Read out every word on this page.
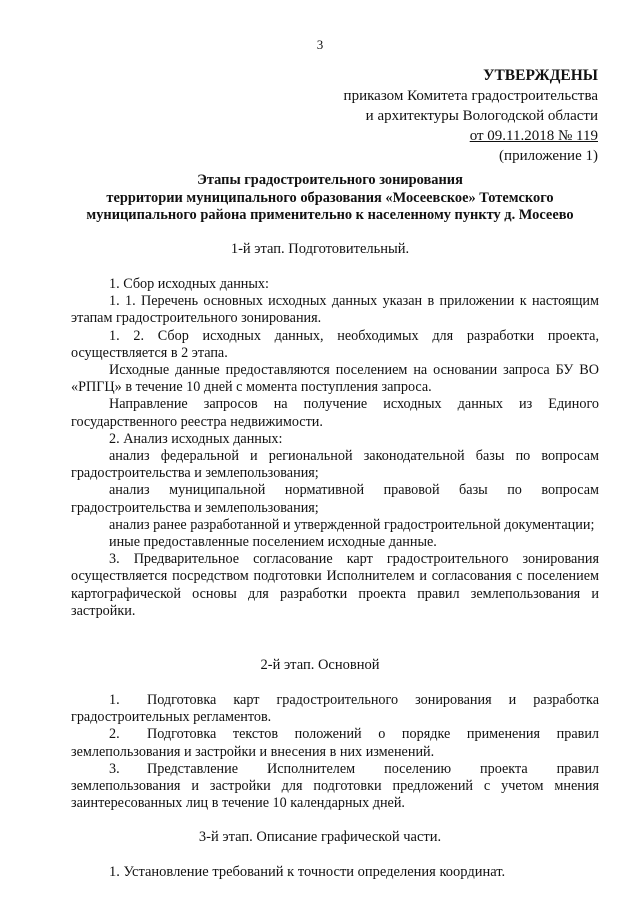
3
УТВЕРЖДЕНЫ
приказом Комитета градостроительства
и архитектуры Вологодской области
от 09.11.2018 № 119
(приложение 1)
Этапы градостроительного зонирования
территории муниципального образования «Мосеевское» Тотемского
муниципального района применительно к населенному пункту д. Мосеево
1-й этап. Подготовительный.

1. Сбор исходных данных:

1. 1. Перечень основных исходных данных указан в приложении к настоящим этапам градостроительного зонирования.

1. 2. Сбор исходных данных, необходимых для разработки проекта, осуществляется в 2 этапа.

Исходные данные предоставляются поселением на основании запроса БУ ВО «РПГЦ» в течение 10 дней с момента поступления запроса.

Направление запросов на получение исходных данных из Единого государственного реестра недвижимости.

2. Анализ исходных данных:

анализ федеральной и региональной законодательной базы по вопросам градостроительства и землепользования;

анализ муниципальной нормативной правовой базы по вопросам градостроительства и землепользования;

анализ ранее разработанной и утвержденной градостроительной документации;

иные предоставленные поселением исходные данные.

3. Предварительное согласование карт градостроительного зонирования осуществляется посредством подготовки Исполнителем и согласования с поселением картографической основы для разработки проекта правил землепользования и застройки.

2-й этап. Основной

1. Подготовка карт градостроительного зонирования и разработка градостроительных регламентов.

2. Подготовка текстов положений о порядке применения правил землепользования и застройки и внесения в них изменений.

3. Представление Исполнителем поселению проекта правил землепользования и застройки для подготовки предложений с учетом мнения заинтересованных лиц в течение 10 календарных дней.

3-й этап. Описание графической части.
1. Установление требований к точности определения координат.
